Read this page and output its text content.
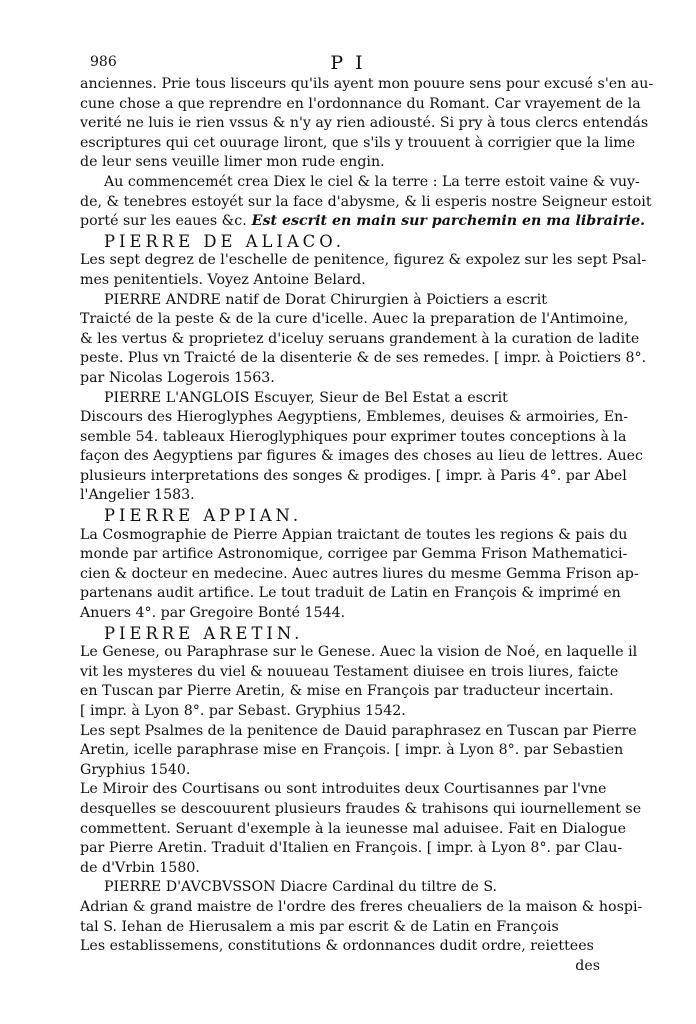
986	P I
anciennes. Prie tous lisceurs qu'ils ayent mon pouure sens pour excusé s'en au-
cune chose a que reprendre en l'ordonnance du Romant. Car vrayement de la
verité ne luis ie rien vssus & n'y ay rien adiousté. Si pry à tous clercs entendás
escriptures qui cet ouurage liront, que s'ils y trouuent à corrigier que la lime
de leur sens veuille limer mon rude engin.
Au commencemét crea Diex le ciel & la terre : La terre estoit vaine & vuy-
de, & tenebres estoyét sur la face d'abysme, & li esperis nostre Seigneur estoit
porté sur les eaues &c. Est escrit en main sur parchemin en ma librairie.
PIERRE DE ALIACO.
Les sept degrez de l'eschelle de penitence, figurez & expolez sur les sept Psal-
mes penitentiels. Voyez Antoine Belard.
PIERRE ANDRE natif de Dorat Chirurgien à Poictiers a escrit
Traicté de la peste & de la cure d'icelle. Auec la preparation de l'Antimoine,
& les vertus & proprietez d'iceluy seruans grandement à la curation de ladite
peste. Plus vn Traicté de la disenterie & de ses remedes. [ impr. à Poictiers 8°.
par Nicolas Logerois 1563.
PIERRE L'ANGLOIS Escuyer, Sieur de Bel Estat a escrit
Discours des Hieroglyphes Aegyptiens, Emblemes, deuises & armoiries, En-
semble 54. tableaux Hieroglyphiques pour exprimer toutes conceptions à la
façon des Aegyptiens par figures & images des choses au lieu de lettres. Auec
plusieurs interpretations des songes & prodiges. [ impr. à Paris 4°. par Abel
l'Angelier 1583.
PIERRE APPIAN.
La Cosmographie de Pierre Appian traictant de toutes les regions & pais du
monde par artifice Astronomique, corrigee par Gemma Frison Mathematici-
cien & docteur en medecine. Auec autres liures du mesme Gemma Frison ap-
partenans audit artifice. Le tout traduit de Latin en François & imprimé en
Anuers 4°. par Gregoire Bonté 1544.
PIERRE ARETIN.
Le Genese, ou Paraphrase sur le Genese. Auec la vision de Noé, en laquelle il
vit les mysteres du viel & nouueau Testament diuisee en trois liures, faicte
en Tuscan par Pierre Aretin, & mise en François par traducteur incertain.
[ impr. à Lyon 8°. par Sebast. Gryphius 1542.
Les sept Psalmes de la penitence de Dauid paraphrasez en Tuscan par Pierre
Aretin, icelle paraphrase mise en François. [ impr. à Lyon 8°. par Sebastien
Gryphius 1540.
Le Miroir des Courtisans ou sont introduites deux Courtisannes par l'vne
desquelles se descouurent plusieurs fraudes & trahisons qui iournellement se
commettent. Seruant d'exemple à la ieunesse mal aduisee. Fait en Dialogue
par Pierre Aretin. Traduit d'Italien en François. [ impr. à Lyon 8°. par Clau-
de d'Vrbin 1580.
PIERRE D'AVCBVSSON Diacre Cardinal du tiltre de S.
Adrian & grand maistre de l'ordre des freres cheualiers de la maison & hospi-
tal S. Iehan de Hierusalem a mis par escrit & de Latin en François
Les establissemens, constitutions & ordonnances dudit ordre, reiettees
des
